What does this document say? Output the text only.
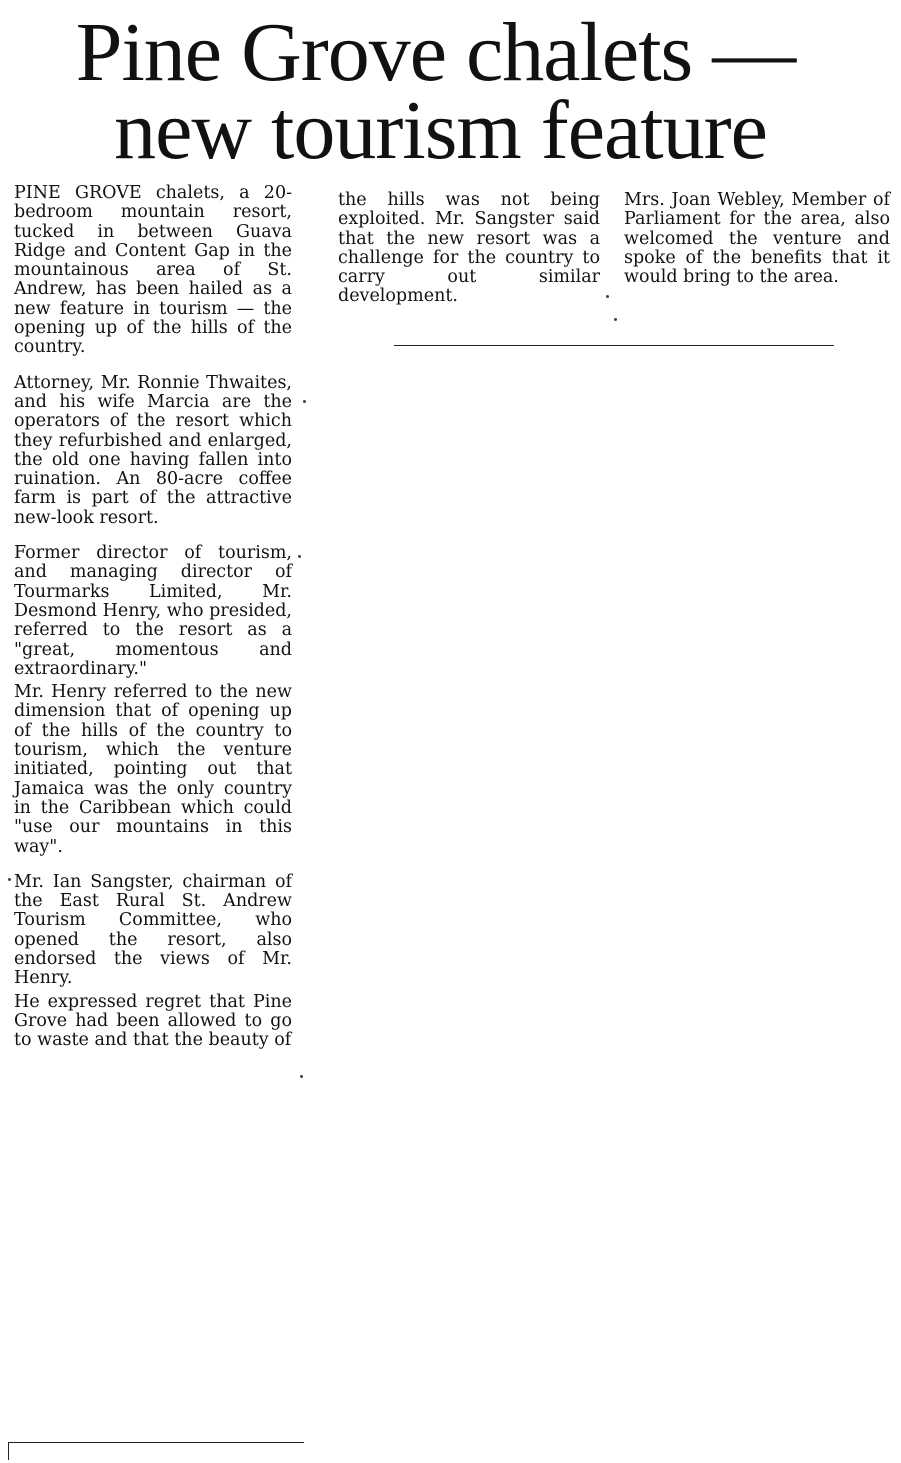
Pine Grove chalets —
new tourism feature

PINE GROVE chalets, a 20-bedroom mountain resort, tucked in between Guava Ridge and Content Gap in the mountainous area of St. Andrew, has been hailed as a new feature in tourism — the opening up of the hills of the country.

Attorney, Mr. Ronnie Thwaites, and his wife Marcia are the operators of the resort which they refurbished and enlarged, the old one having fallen into ruination. An 80-acre coffee farm is part of the attractive new-look resort.

Former director of tourism, and managing director of Tourmarks Limited, Mr. Desmond Henry, who presided, referred to the resort as a "great, momentous and extraordinary."

Mr. Henry referred to the new dimension that of opening up of the hills of the country to tourism, which the venture initiated, pointing out that Jamaica was the only country in the Caribbean which could "use our mountains in this way".

Mr. Ian Sangster, chairman of the East Rural St. Andrew Tourism Committee, who opened the resort, also endorsed the views of Mr. Henry.

He expressed regret that Pine Grove had been allowed to go to waste and that the beauty of

the hills was not being exploited. Mr. Sangster said that the new resort was a challenge for the country to carry out similar development.

Mrs. Joan Webley, Member of Parliament for the area, also welcomed the venture and spoke of the benefits that it would bring to the area.
